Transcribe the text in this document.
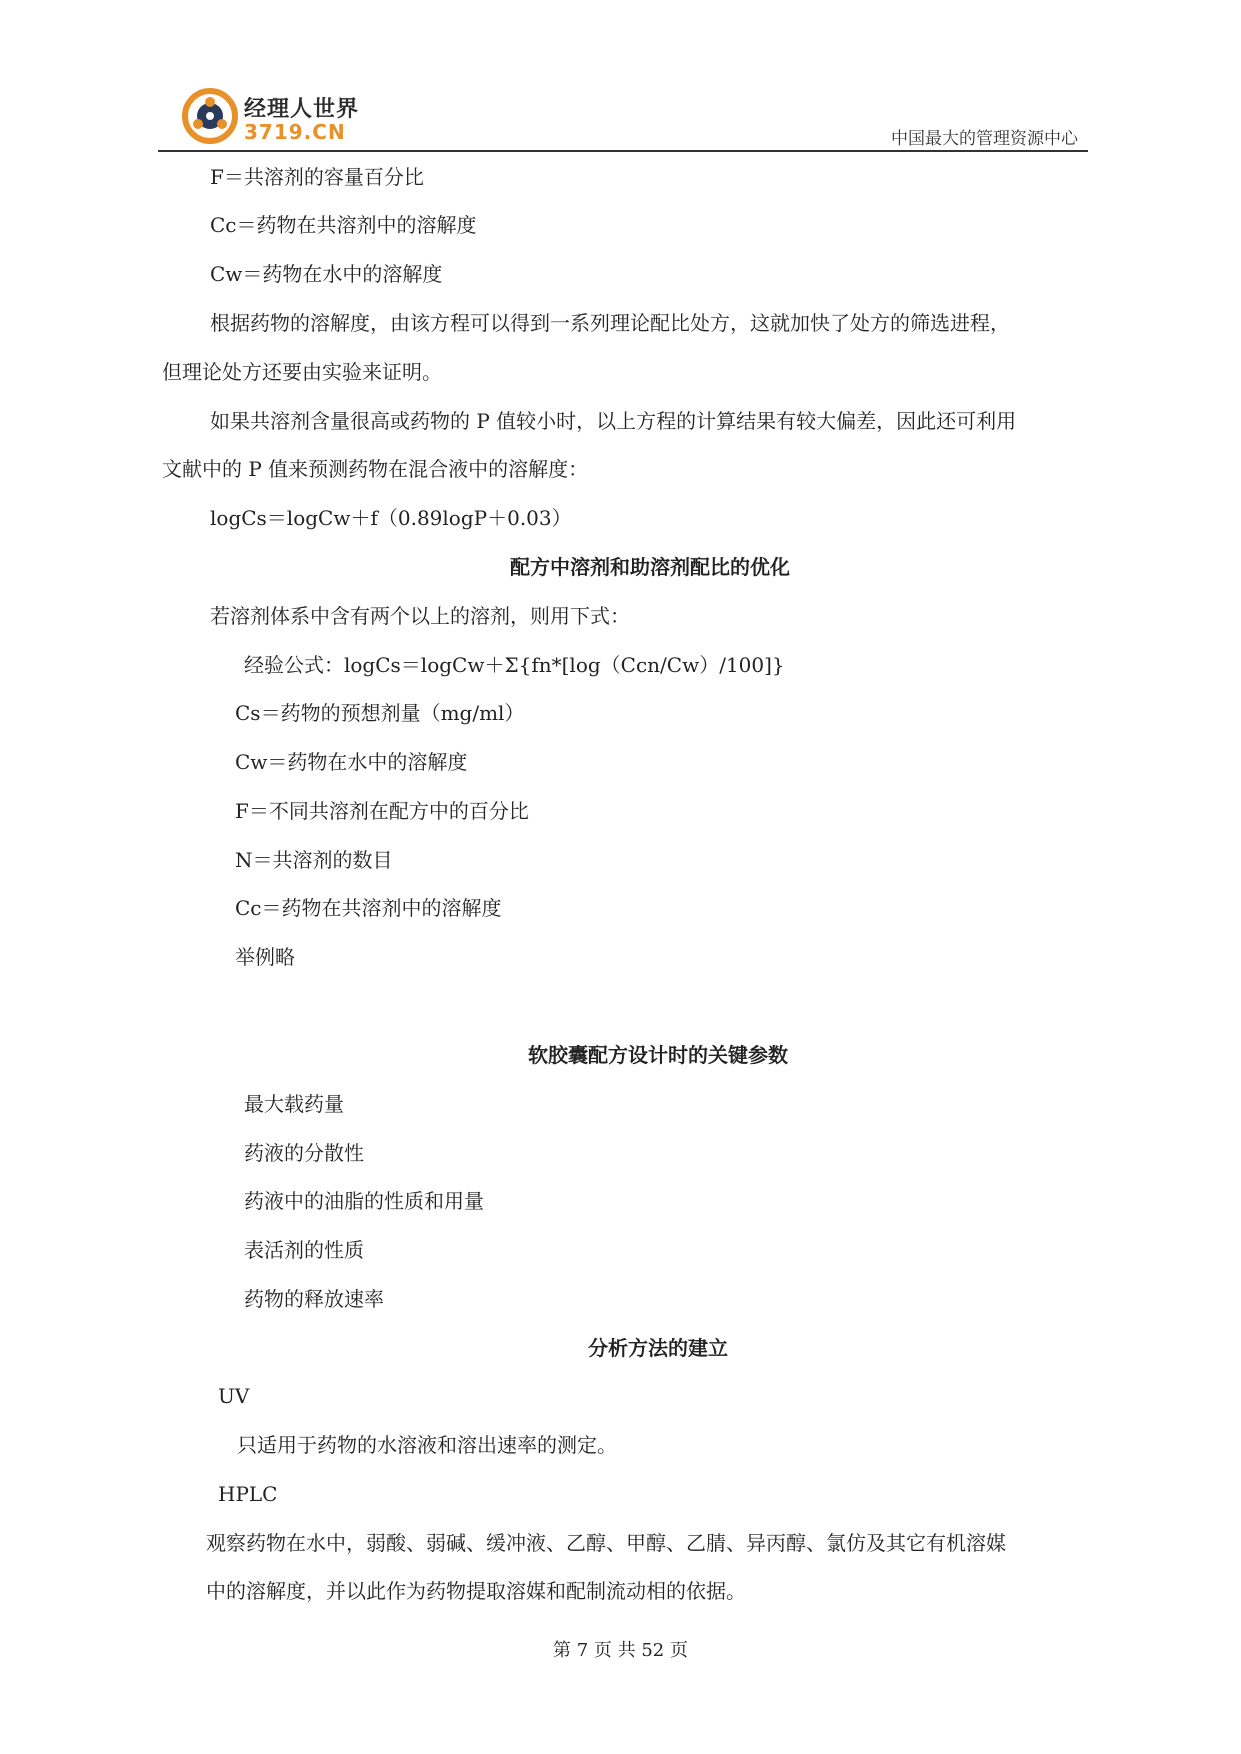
经理人世界
3719.CN	中国最大的管理资源中心
F＝共溶剂的容量百分比
Cc＝药物在共溶剂中的溶解度
Cw＝药物在水中的溶解度
根据药物的溶解度，由该方程可以得到一系列理论配比处方，这就加快了处方的筛选进程，
但理论处方还要由实验来证明。
如果共溶剂含量很高或药物的 P 值较小时，以上方程的计算结果有较大偏差，因此还可利用
文献中的 P 值来预测药物在混合液中的溶解度：
logCs＝logCw＋f（0.89logP＋0.03）
配方中溶剂和助溶剂配比的优化
若溶剂体系中含有两个以上的溶剂，则用下式：
经验公式：logCs＝logCw＋Σ{fn*[log（Ccn/Cw）/100]}
Cs＝药物的预想剂量（mg/ml）
Cw＝药物在水中的溶解度
F＝不同共溶剂在配方中的百分比
N＝共溶剂的数目
Cc＝药物在共溶剂中的溶解度
举例略
软胶囊配方设计时的关键参数
最大载药量
药液的分散性
药液中的油脂的性质和用量
表活剂的性质
药物的释放速率
分析方法的建立
UV
只适用于药物的水溶液和溶出速率的测定。
HPLC
观察药物在水中，弱酸、弱碱、缓冲液、乙醇、甲醇、乙腈、异丙醇、氯仿及其它有机溶媒
中的溶解度，并以此作为药物提取溶媒和配制流动相的依据。
第 7 页 共 52 页
